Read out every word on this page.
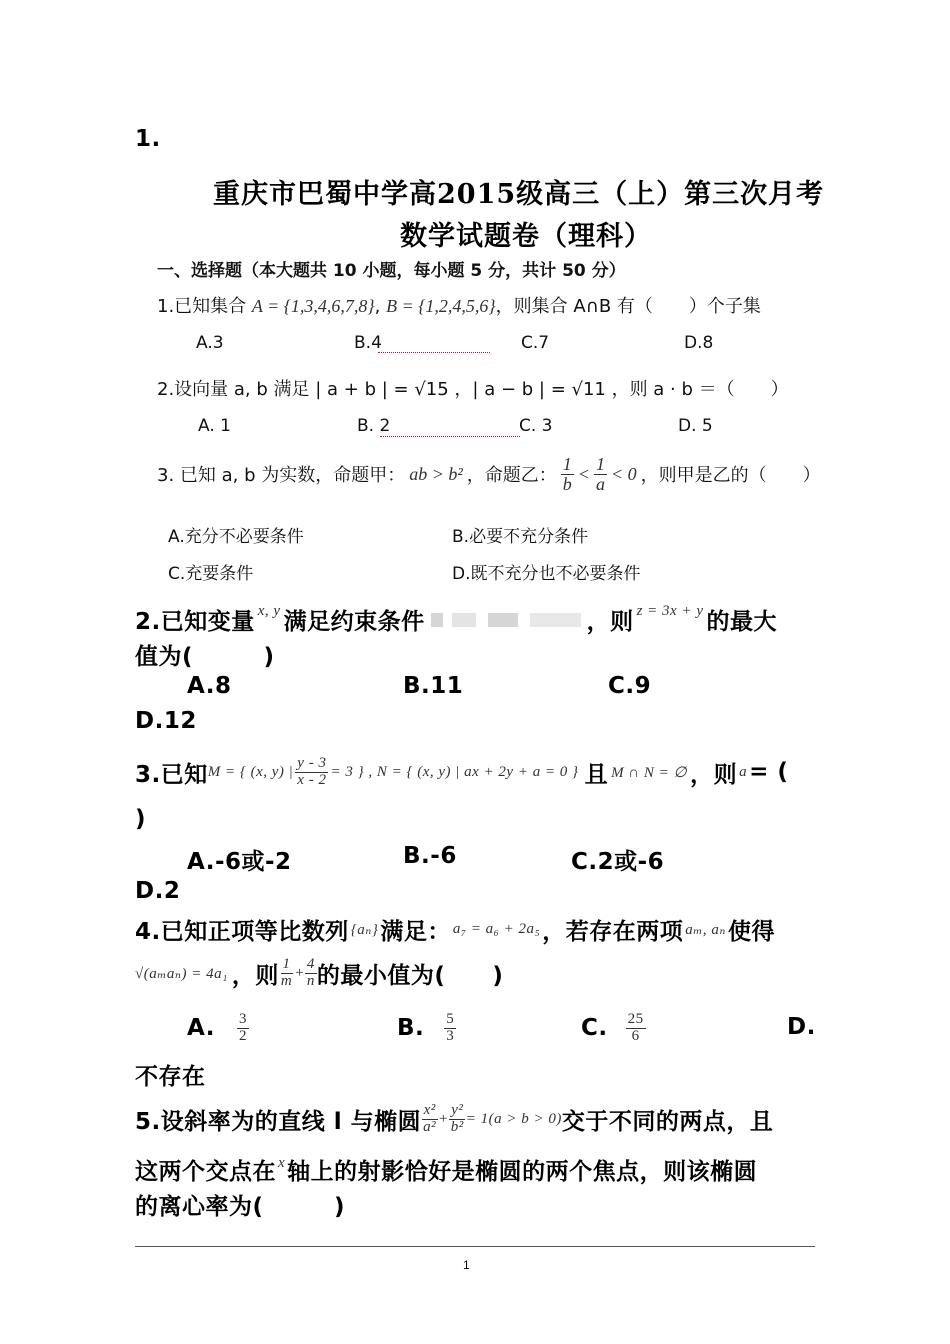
1.
重庆市巴蜀中学高2015级高三（上）第三次月考
数学试题卷（理科）
一、选择题（本大题共 10 小题，每小题 5 分，共计 50 分）
1.已知集合 A = {1,3,4,6,7,8}, B = {1,2,4,5,6}，则集合 A∩B 有（　　）个子集
A.3	B.4	C.7	D.8
2.设向量 a, b 满足 | a + b | = √15 ，| a − b | = √11 ，则 a · b ＝（　　）
A. 1	B. 2	C. 3	D. 5
3. 已知 a, b 为实数，命题甲： ab > b² ，命题乙： $\frac{1}{b} < \frac{1}{a} < 0$ ，则甲是乙的（　　）
A.充分不必要条件	B.必要不充分条件
C.充要条件	D.既不充分也不必要条件
2.已知变量 x, y 满足约束条件	，则 z = 3x + y 的最大
值为(　　　)
A.8	B.11	C.9
D.12
3.已知 M = { (x, y) | $\frac{y - 3}{x - 2} = 3$ } , N = { (x, y) | ax + 2y + a = 0 } 且 M ∩ N = ∅ ，则 a = (
)
A.-6或-2	B.-6	C.2或-6
D.2
4.已知正项等比数列 {aₙ} 满足： a₇ = a₆ + 2a₅ ，若存在两项 aₘ, aₙ 使得
√(aₘaₙ) = 4a₁ ，则 $\frac{1}{m} + \frac{4}{n}$ 的最小值为(　　)
A. $\frac{3}{2}$	B. $\frac{5}{3}$	C. $\frac{25}{6}$	D.
不存在
5.设斜率为的直线 l 与椭圆 $\frac{\text{x²}}{\text{a²}} + \frac{\text{y²}}{\text{b²}} = 1(a > b > 0)$ 交于不同的两点，且
这两个交点在 x 轴上的射影恰好是椭圆的两个焦点，则该椭圆
的离心率为(　　　)
1
